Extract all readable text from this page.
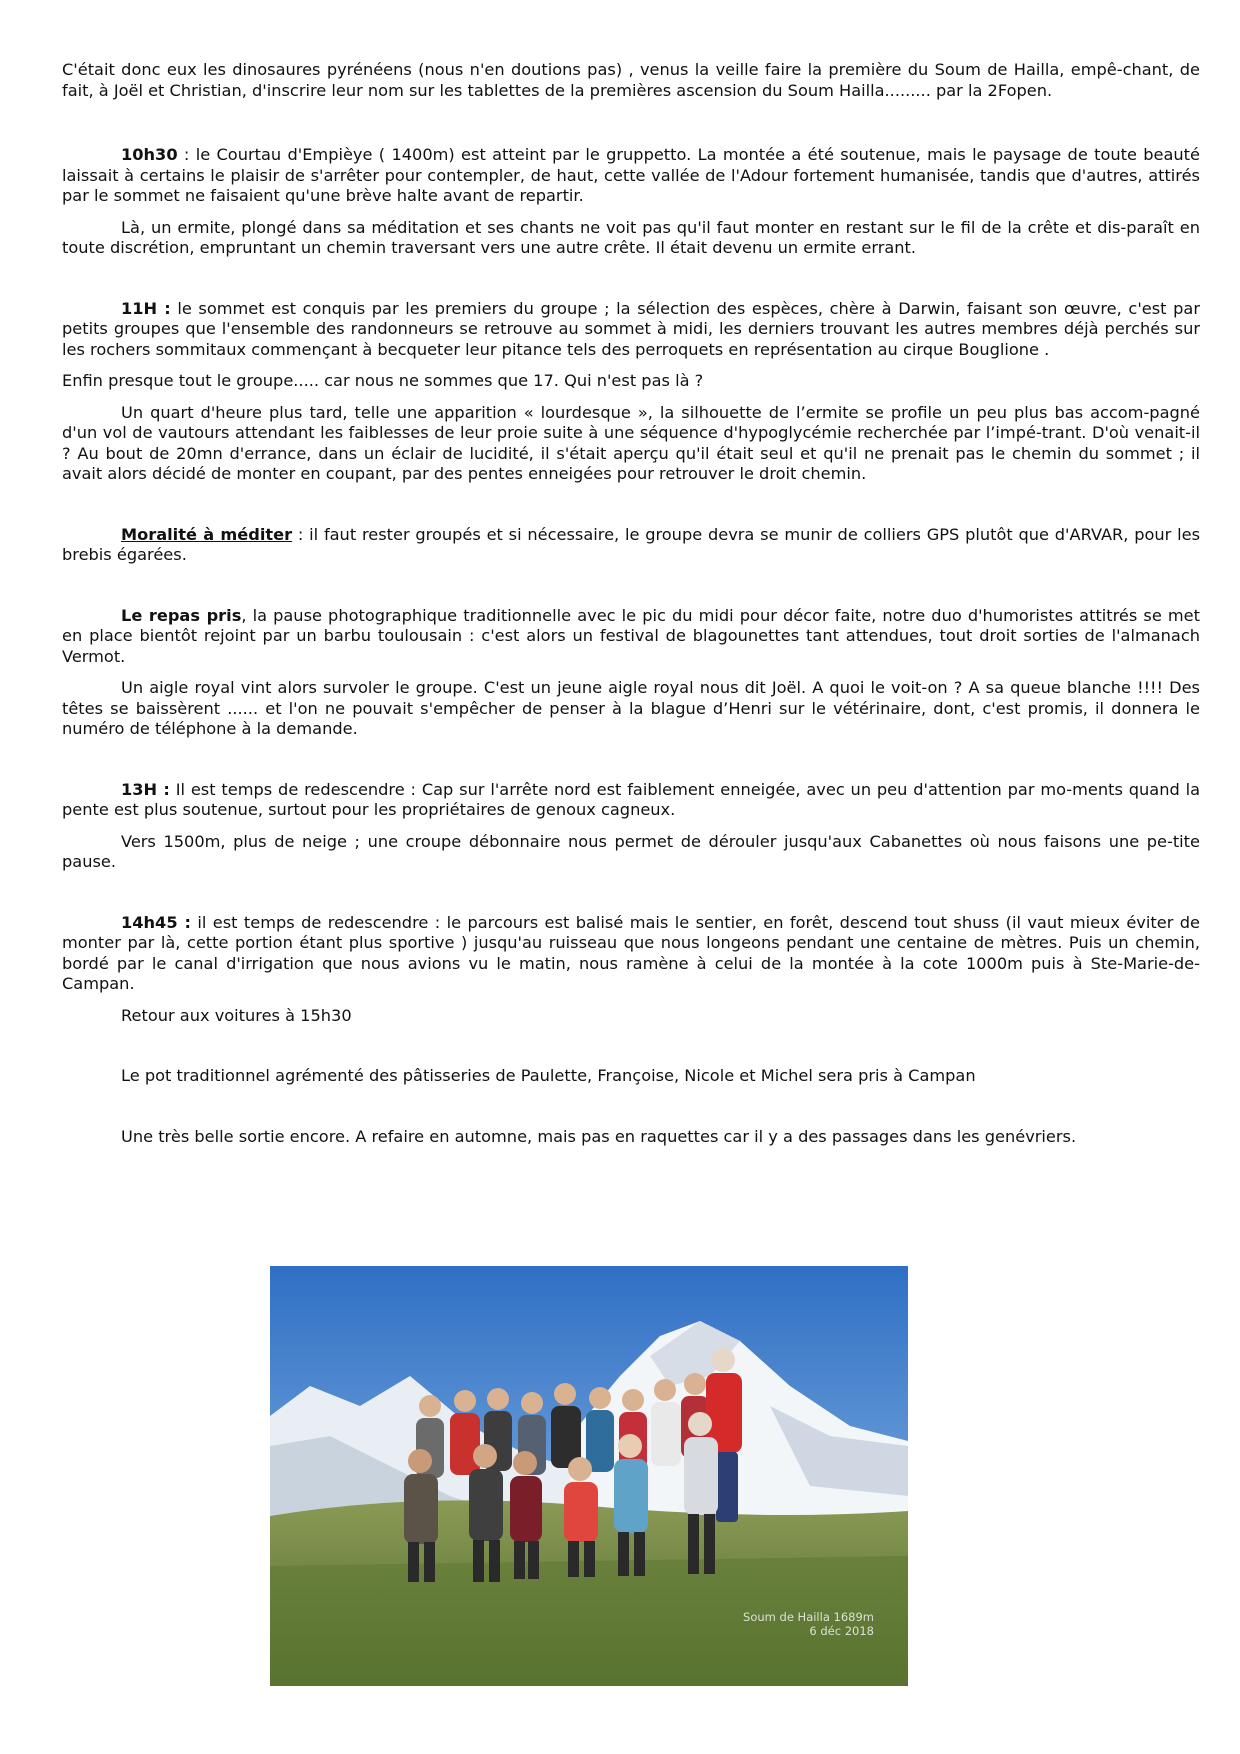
C'était donc eux les dinosaures pyrénéens (nous n'en doutions pas) , venus la veille faire la première du Soum de Hailla, empê-chant, de fait, à Joël et Christian, d'inscrire leur nom sur les tablettes de la premières ascension du Soum Hailla......... par la 2Fopen.

10h30 : le Courtau d'Empièye ( 1400m) est atteint par le gruppetto. La montée a été soutenue, mais le paysage de toute beauté laissait à certains le plaisir de s'arrêter pour contempler, de haut, cette vallée de l'Adour fortement humanisée, tandis que d'autres, attirés par le sommet ne faisaient qu'une brève halte avant de repartir.

Là, un ermite, plongé dans sa méditation et ses chants ne voit pas qu'il faut monter en restant sur le fil de la crête et dis-paraît en toute discrétion, empruntant un chemin traversant vers une autre crête. Il était devenu un ermite errant.

11H : le sommet est conquis par les premiers du groupe ; la sélection des espèces, chère à Darwin, faisant son œuvre, c'est par petits groupes que l'ensemble des randonneurs se retrouve au sommet à midi, les derniers trouvant les autres membres déjà perchés sur les rochers sommitaux commençant à becqueter leur pitance tels des perroquets en représentation au cirque Bouglione .

Enfin presque tout le groupe..... car nous ne sommes que 17. Qui n'est pas là ?

Un quart d'heure plus tard, telle une apparition « lourdesque », la silhouette de l’ermite se profile un peu plus bas accom-pagné d'un vol de vautours attendant les faiblesses de leur proie suite à une séquence d'hypoglycémie recherchée par l’impé-trant. D'où venait-il ? Au bout de 20mn d'errance, dans un éclair de lucidité, il s'était aperçu qu'il était seul et qu'il ne prenait pas le chemin du sommet ; il avait alors décidé de monter en coupant, par des pentes enneigées pour retrouver le droit chemin.

Moralité à méditer : il faut rester groupés et si nécessaire, le groupe devra se munir de colliers GPS plutôt que d'ARVAR, pour les brebis égarées.

Le repas pris, la pause photographique traditionnelle avec le pic du midi pour décor faite, notre duo d'humoristes attitrés se met en place bientôt rejoint par un barbu toulousain : c'est alors un festival de blagounettes tant attendues, tout droit sorties de l'almanach Vermot.

Un aigle royal vint alors survoler le groupe. C'est un jeune aigle royal nous dit Joël. A quoi le voit-on ? A sa queue blanche !!!! Des têtes se baissèrent ...... et l'on ne pouvait s'empêcher de penser à la blague d’Henri sur le vétérinaire, dont, c'est promis, il donnera le numéro de téléphone à la demande.

13H : Il est temps de redescendre : Cap sur l'arrête nord est faiblement enneigée, avec un peu d'attention par mo-ments quand la pente est plus soutenue, surtout pour les propriétaires de genoux cagneux.

Vers 1500m, plus de neige ; une croupe débonnaire nous permet de dérouler jusqu'aux Cabanettes où nous faisons une pe-tite pause.

14h45 : il est temps de redescendre : le parcours est balisé mais le sentier, en forêt, descend tout shuss (il vaut mieux éviter de monter par là, cette portion étant plus sportive ) jusqu'au ruisseau que nous longeons pendant une centaine de mètres. Puis un chemin, bordé par le canal d'irrigation que nous avions vu le matin, nous ramène à celui de la montée à la cote 1000m puis à Ste-Marie-de-Campan.

Retour aux voitures à 15h30

Le pot traditionnel agrémenté des pâtisseries de Paulette, Françoise, Nicole et Michel sera pris à Campan

Une très belle sortie encore. A refaire en automne, mais pas en raquettes car il y a des passages dans les genévriers.

Soum de Hailla 1689m
6 déc 2018
